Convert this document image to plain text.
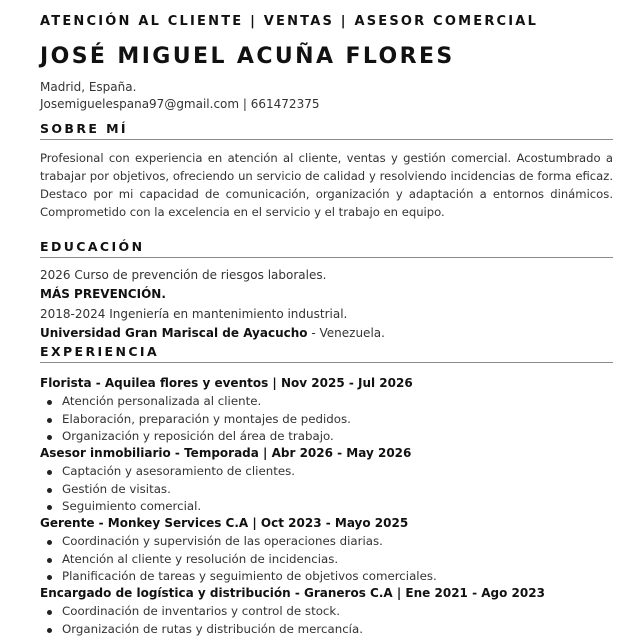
ATENCIÓN AL CLIENTE | VENTAS | ASESOR COMERCIAL
JOSÉ MIGUEL ACUÑA FLORES
Madrid, España.
Josemiguelespana97@gmail.com | 661472375
SOBRE MÍ

Profesional con experiencia en atención al cliente, ventas y gestión comercial. Acostumbrado a trabajar por objetivos, ofreciendo un servicio de calidad y resolviendo incidencias de forma eficaz. Destaco por mi capacidad de comunicación, organización y adaptación a entornos dinámicos. Comprometido con la excelencia en el servicio y el trabajo en equipo.

EDUCACIÓN
2026 Curso de prevención de riesgos laborales.
MÁS PREVENCIÓN.
2018-2024 Ingeniería en mantenimiento industrial.
Universidad Gran Mariscal de Ayacucho - Venezuela.
EXPERIENCIA
Florista - Aquilea flores y eventos | Nov 2025 - Jul 2026
Atención personalizada al cliente.
Elaboración, preparación y montajes de pedidos.
Organización y reposición del área de trabajo.
Asesor inmobiliario - Temporada | Abr 2026 - May 2026
Captación y asesoramiento de clientes.
Gestión de visitas.
Seguimiento comercial.
Gerente - Monkey Services C.A | Oct 2023 - Mayo 2025
Coordinación y supervisión de las operaciones diarias.
Atención al cliente y resolución de incidencias.
Planificación de tareas y seguimiento de objetivos comerciales.
Encargado de logística y distribución - Graneros C.A | Ene 2021 - Ago 2023
Coordinación de inventarios y control de stock.
Organización de rutas y distribución de mercancía.
